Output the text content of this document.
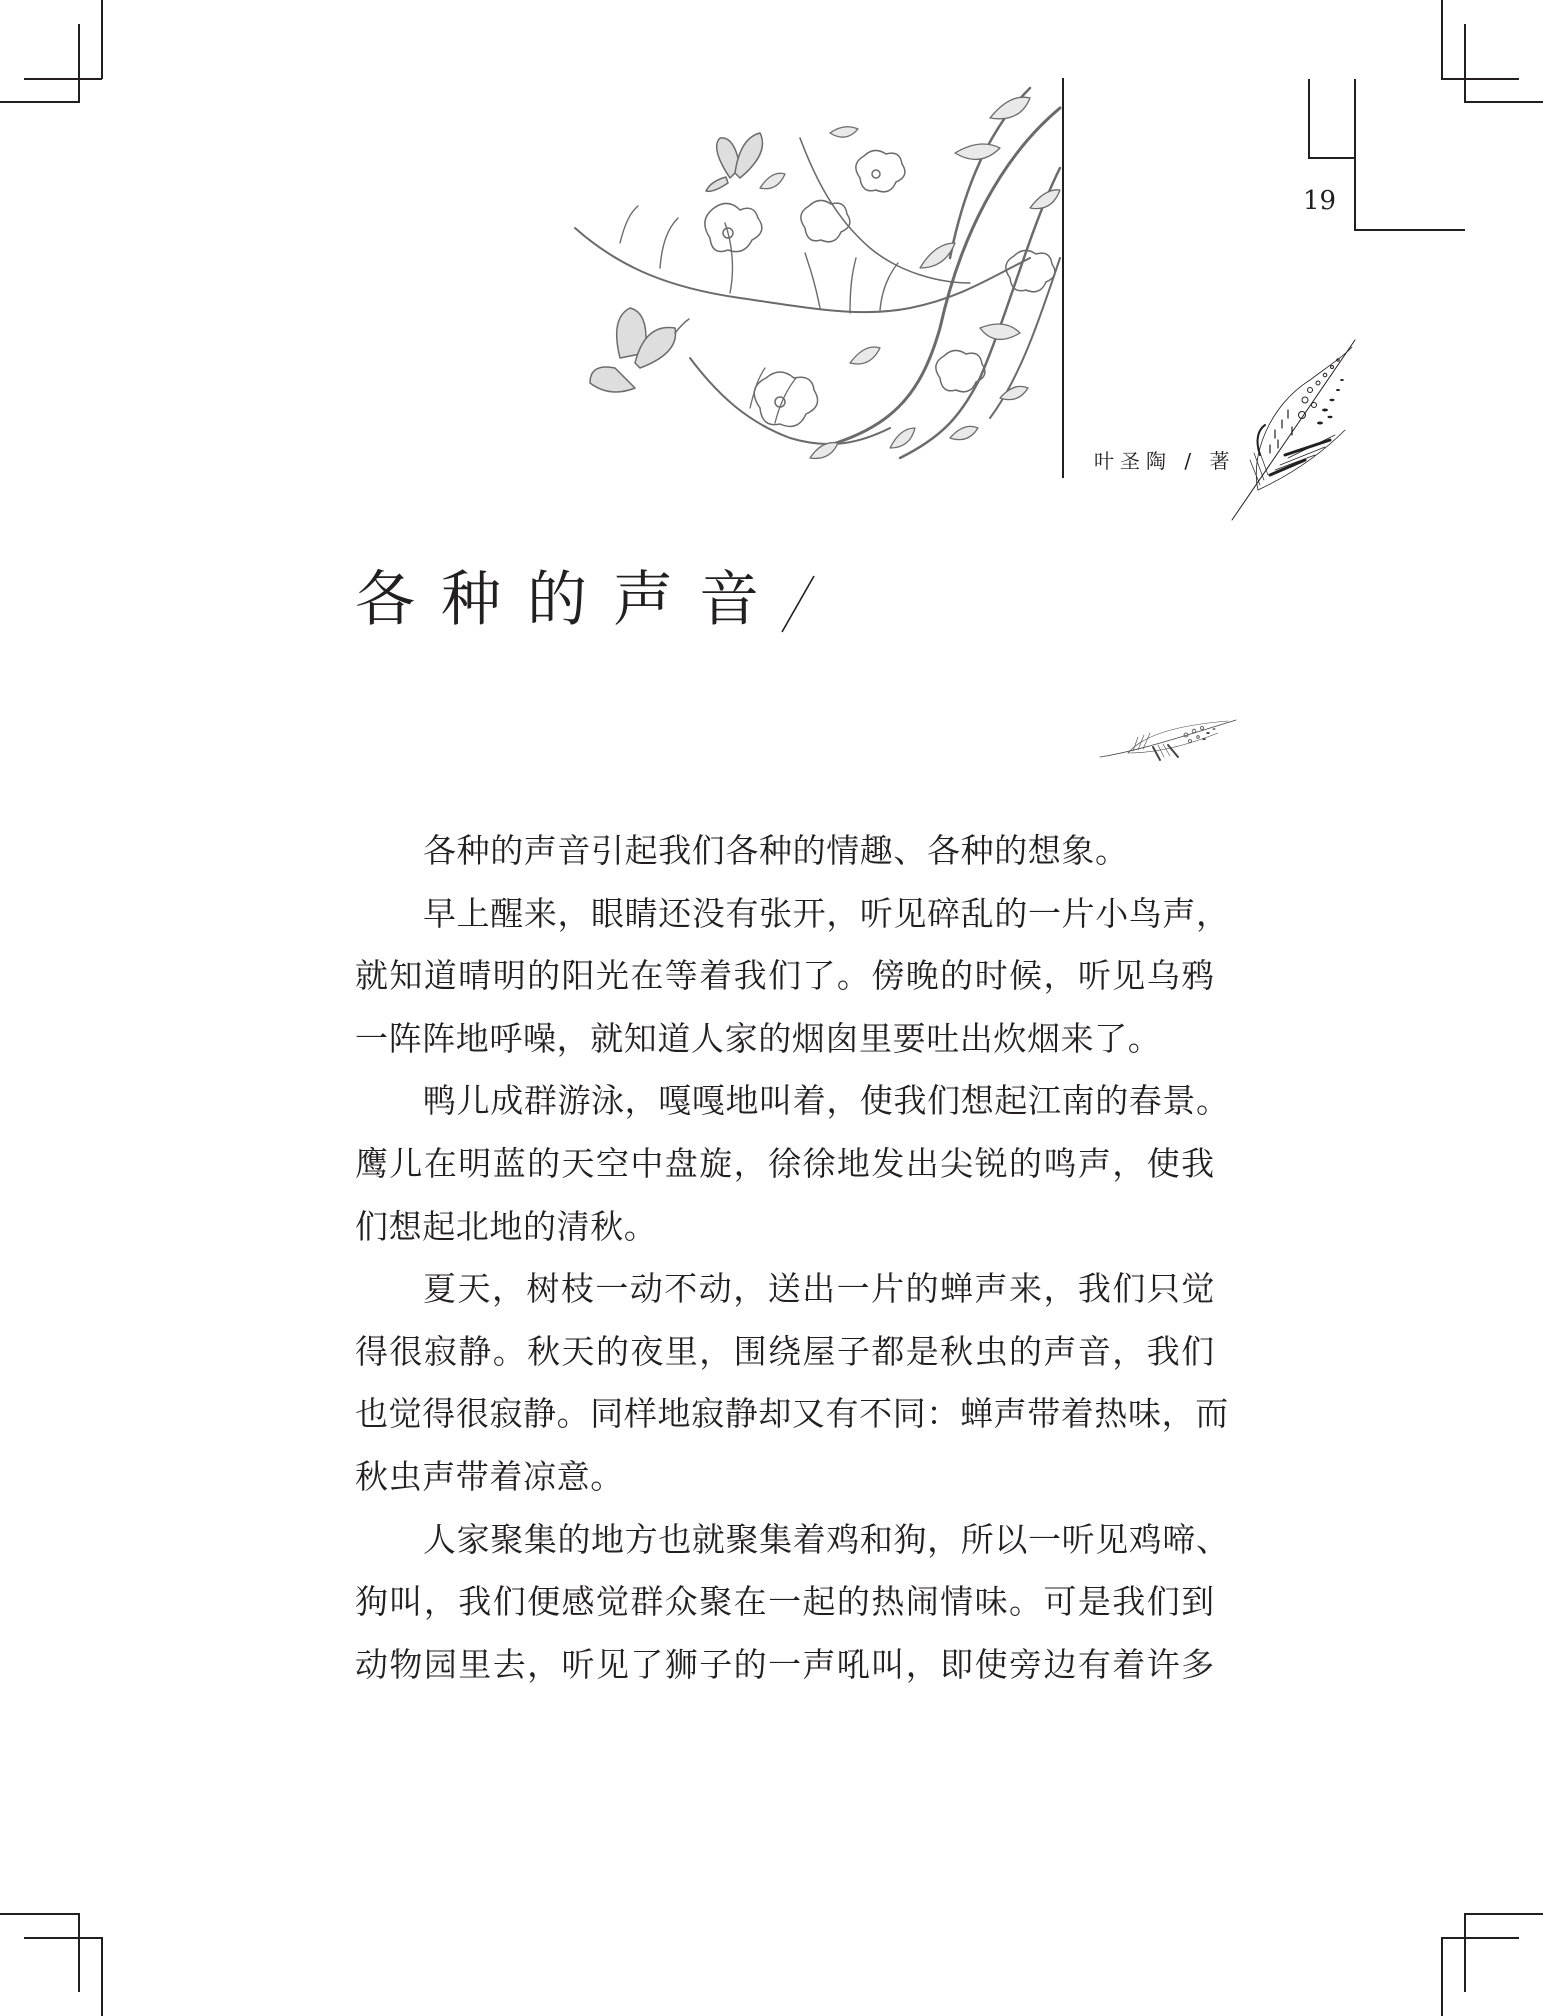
19
叶圣陶 / 著
各种的声音
各种的声音引起我们各种的情趣、各种的想象。
早 上 醒 来 ， 眼 睛 还 没 有 张 开 ， 听 见 碎 乱 的 一 片 小 鸟 声 ，
就 知 道 晴 明 的 阳 光 在 等 着 我 们 了 。 傍 晚 的 时 候 ， 听 见 乌 鸦
一阵阵地呼噪，就知道人家的烟囱里要吐出炊烟来了。
鸭 儿 成 群 游 泳 ， 嘎 嘎 地 叫 着 ， 使 我 们 想 起 江 南 的 春 景 。
鹰 儿 在 明 蓝 的 天 空 中 盘 旋 ， 徐 徐 地 发 出 尖 锐 的 鸣 声 ， 使 我
们想起北地的清秋。
夏 天 ， 树 枝 一 动 不 动 ， 送 出 一 片 的 蝉 声 来 ， 我 们 只 觉
得 很 寂 静 。 秋 天 的 夜 里 ， 围 绕 屋 子 都 是 秋 虫 的 声 音 ， 我 们
也 觉 得 很 寂 静 。 同 样 地 寂 静 却 又 有 不 同 ： 蝉 声 带 着 热 味 ， 而
秋虫声带着凉意。
人 家 聚 集 的 地 方 也 就 聚 集 着 鸡 和 狗 ， 所 以 一 听 见 鸡 啼 、
狗 叫 ， 我 们 便 感 觉 群 众 聚 在 一 起 的 热 闹 情 味 。 可 是 我 们 到
动 物 园 里 去 ， 听 见 了 狮 子 的 一 声 吼 叫 ， 即 使 旁 边 有 着 许 多
